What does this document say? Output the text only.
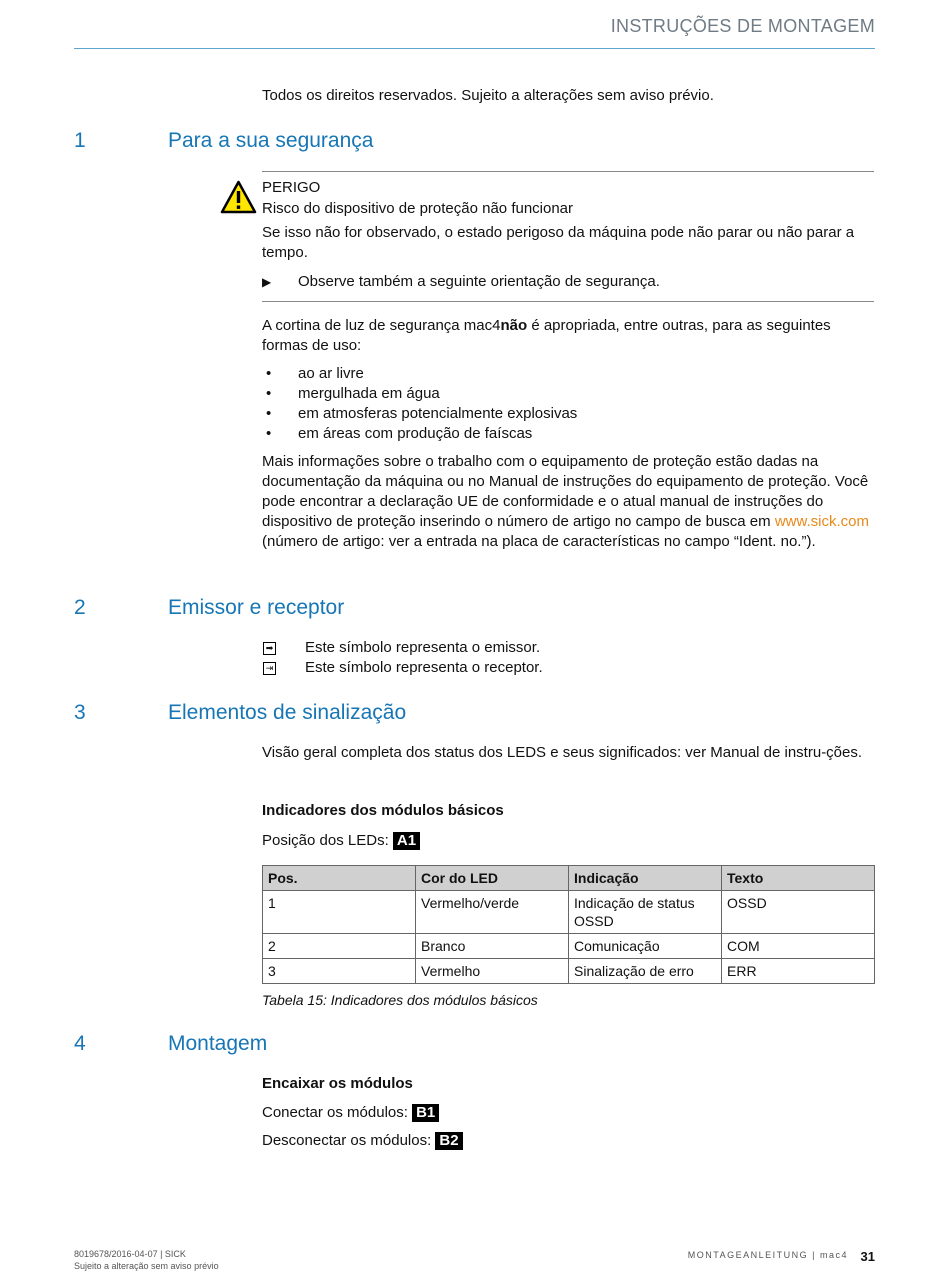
INSTRUÇÕES DE MONTAGEM
Todos os direitos reservados. Sujeito a alterações sem aviso prévio.
1	Para a sua segurança
PERIGO
Risco do dispositivo de proteção não funcionar
Se isso não for observado, o estado perigoso da máquina pode não parar ou não parar a tempo.
▶ Observe também a seguinte orientação de segurança.
A cortina de luz de segurança mac4não é apropriada, entre outras, para as seguintes formas de uso:
• ao ar livre
• mergulhada em água
• em atmosferas potencialmente explosivas
• em áreas com produção de faíscas
Mais informações sobre o trabalho com o equipamento de proteção estão dadas na documentação da máquina ou no Manual de instruções do equipamento de proteção. Você pode encontrar a declaração UE de conformidade e o atual manual de instruções do dispositivo de proteção inserindo o número de artigo no campo de busca em www.sick.com (número de artigo: ver a entrada na placa de características no campo “Ident. no.”).
2	Emissor e receptor
➡ Este símbolo representa o emissor.
⇥ Este símbolo representa o receptor.
3	Elementos de sinalização
Visão geral completa dos status dos LEDS e seus significados: ver Manual de instru-ções.
Indicadores dos módulos básicos
Posição dos LEDs: A1
Pos.	Cor do LED	Indicação	Texto
1	Vermelho/verde	Indicação de status OSSD	OSSD
2	Branco	Comunicação	COM
3	Vermelho	Sinalização de erro	ERR
Tabela 15: Indicadores dos módulos básicos
4	Montagem
Encaixar os módulos
Conectar os módulos: B1
Desconectar os módulos: B2
8019678/2016-04-07 | SICK
Sujeito a alteração sem aviso prévio
MONTAGEANLEITUNG | mac4 31
